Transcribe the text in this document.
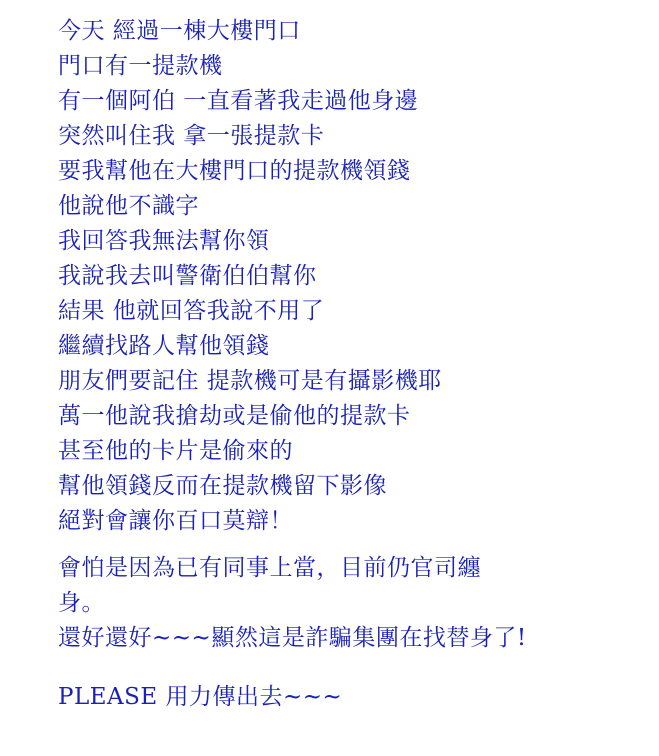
今天 經過一棟大樓門口
門口有一提款機
有一個阿伯 一直看著我走過他身邊
突然叫住我 拿一張提款卡
要我幫他在大樓門口的提款機領錢
他說他不識字
我回答我無法幫你領
我說我去叫警衛伯伯幫你
結果 他就回答我說不用了
繼續找路人幫他領錢
朋友們要記住 提款機可是有攝影機耶
萬一他說我搶劫或是偷他的提款卡
甚至他的卡片是偷來的
幫他領錢反而在提款機留下影像
絕對會讓你百口莫辯！
會怕是因為已有同事上當，目前仍官司纏
身。
還好還好~~~顯然這是詐騙集團在找替身了!
PLEASE 用力傳出去~~~
